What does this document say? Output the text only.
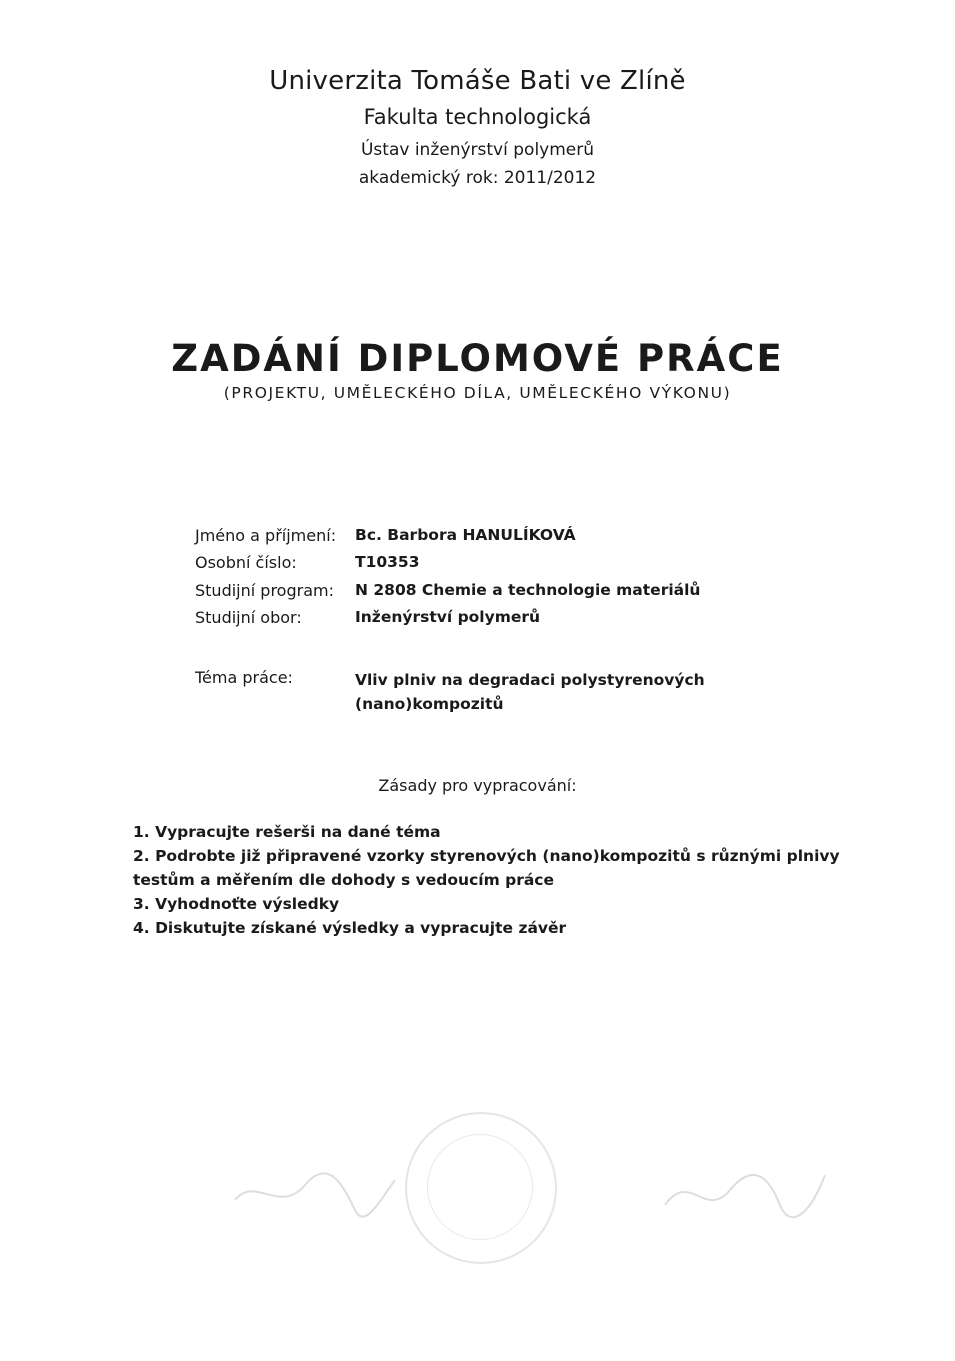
Univerzita Tomáše Bati ve Zlíně
Fakulta technologická
Ústav inženýrství polymerů
akademický rok: 2011/2012
ZADÁNÍ DIPLOMOVÉ PRÁCE
(PROJEKTU, UMĚLECKÉHO DÍLA, UMĚLECKÉHO VÝKONU)
Jméno a příjmení: Bc. Barbora HANULÍKOVÁ
Osobní číslo:	T10353
Studijní program: N 2808 Chemie a technologie materiálů
Studijní obor:	Inženýrství polymerů
Téma práce:	Vliv plniv na degradaci polystyrenových (nano)kompozitů
Zásady pro vypracování:
1. Vypracujte rešerši na dané téma
2. Podrobte již připravené vzorky styrenových (nano)kompozitů s různými plnivy testům a měřením dle dohody s vedoucím práce
3. Vyhodnoťte výsledky
4. Diskutujte získané výsledky a vypracujte závěr
